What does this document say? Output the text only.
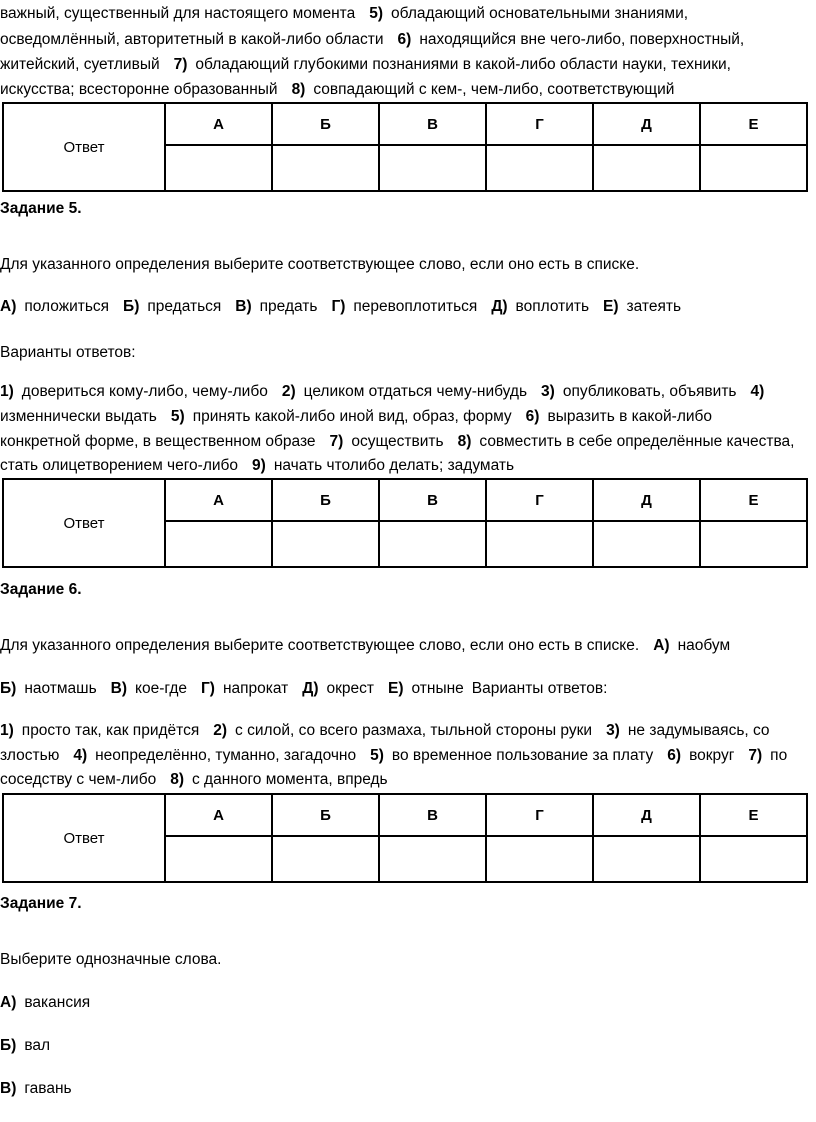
важный, существенный для настоящего момента 5) обладающий основательными знаниями,
осведомлённый, авторитетный в какой-либо области 6) находящийся вне чего-либо, поверхностный,
житейский, суетливый 7) обладающий глубокими познаниями в какой-либо области науки, техники,
искусства; всесторонне образованный 8) совпадающий с кем-, чем-либо, соответствующий
Ответ	А	Б	В	Г	Д	Е

Задание 5.
Для указанного определения выберите соответствующее слово, если оно есть в списке.
А) положиться Б) предаться В) предать Г) перевоплотиться Д) воплотить Е) затеять
Варианты ответов:
1) довериться кому-либо, чему-либо 2) целиком отдаться чему-нибудь 3) опубликовать, объявить 4)
изменнически выдать 5) принять какой-либо иной вид, образ, форму 6) выразить в какой-либо
конкретной форме, в вещественном образе 7) осуществить 8) совместить в себе определённые качества,
стать олицетворением чего-либо 9) начать чтолибо делать; задумать
Ответ	А	Б	В	Г	Д	Е

Задание 6.
Для указанного определения выберите соответствующее слово, если оно есть в списке. А) наобум
Б) наотмашь В) кое-где Г) напрокат Д) окрест Е) отныне Варианты ответов:
1) просто так, как придётся 2) с силой, со всего размаха, тыльной стороны руки 3) не задумываясь, со
злостью 4) неопределённо, туманно, загадочно 5) во временное пользование за плату 6) вокруг 7) по
соседству с чем-либо 8) с данного момента, впредь
Ответ	А	Б	В	Г	Д	Е

Задание 7.
Выберите однозначные слова.
А) вакансия
Б) вал
В) гавань
